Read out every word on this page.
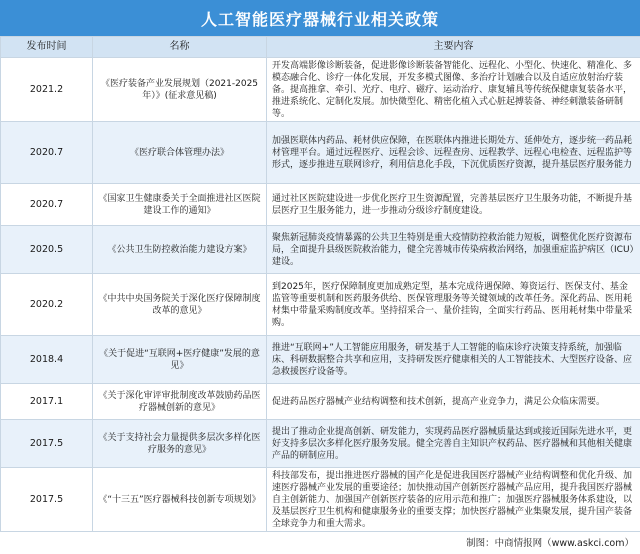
人工智能医疗器械行业相关政策
发布时间	名称	主要内容
2021.2	《医疗装备产业发展规划（2021-2025年）》(征求意见稿)	开发高端影像诊断装备，促进影像诊断装备智能化、远程化、小型化、快速化、精准化、多模态融合化、诊疗一体化发展，开发多模式图像、多治疗计划融合以及自适应放射治疗装备。提高推拿、牵引、光疗、电疗、磁疗、运动治疗、康复辅具等传统保健康复装备水平，推进系统化、定制化发展。加快微型化、精密化植入式心脏起搏装备、神经刺激装备研制等。
2020.7	《医疗联合体管理办法》	加强医联体内药品、耗材供应保障，在医联体内推进长期处方、延伸处方，逐步统一药品耗材管理平台。通过远程医疗、远程会诊、远程查房、远程教学、远程心电检查、远程监护等形式，逐步推进互联网诊疗，利用信息化手段，下沉优质医疗资源，提升基层医疗服务能力
2020.7	《国家卫生健康委关于全面推进社区医院建设工作的通知》	通过社区医院建设进一步优化医疗卫生资源配置，完善基层医疗卫生服务功能，不断提升基层医疗卫生服务能力，进一步推动分级诊疗制度建设。
2020.5	《公共卫生防控救治能力建设方案》	聚焦新冠肺炎疫情暴露的公共卫生特别是重大疫情防控救治能力短板，调整优化医疗资源布局，全面提升县级医院救治能力，健全完善城市传染病救治网络，加强重症监护病区（ICU）建设。
2020.2	《中共中央国务院关于深化医疗保障制度改革的意见》	到2025年，医疗保障制度更加成熟定型，基本完成待遇保障、筹资运行、医保支付、基金监管等重要机制和医药服务供给、医保管理服务等关键领域的改革任务。深化药品、医用耗材集中带量采购制度改革。坚持招采合一、量价挂钩，全面实行药品、医用耗材集中带量采购。
2018.4	《关于促进“互联网+医疗健康”发展的意见》	推进“互联网+”人工智能应用服务，研发基于人工智能的临床诊疗决策支持系统，加强临床、科研数据整合共享和应用，支持研发医疗健康相关的人工智能技术、大型医疗设备、应急救援医疗设备等。
2017.1	《关于深化审评审批制度改革鼓励药品医疗器械创新的意见》	促进药品医疗器械产业结构调整和技术创新，提高产业竞争力，满足公众临床需要。
2017.5	《关于支持社会力量提供多层次多样化医疗服务的意见》	提出了推动企业提高创新、研发能力，实现药品医疗器械质量达到或接近国际先进水平，更好支持多层次多样化医疗服务发展。健全完善自主知识产权药品、医疗器械和其他相关健康产品的研制应用。
2017.5	《“十三五”医疗器械科技创新专项规划》	科技部发布，提出推进医疗器械的国产化是促进我国医疗器械产业结构调整和优化升级、加速医疗器械产业发展的重要途径；加快推动国产创新医疗器械产品应用，提升我国医疗器械自主创新能力、加强国产创新医疗装备的应用示范和推广；加强医疗器械服务体系建设，以及基层医疗卫生机构和健康服务业的重要支撑；加快医疗器械产业集聚发展，提升国产装备全球竞争力和重大需求。
制图：中商情报网（www.askci.com）
